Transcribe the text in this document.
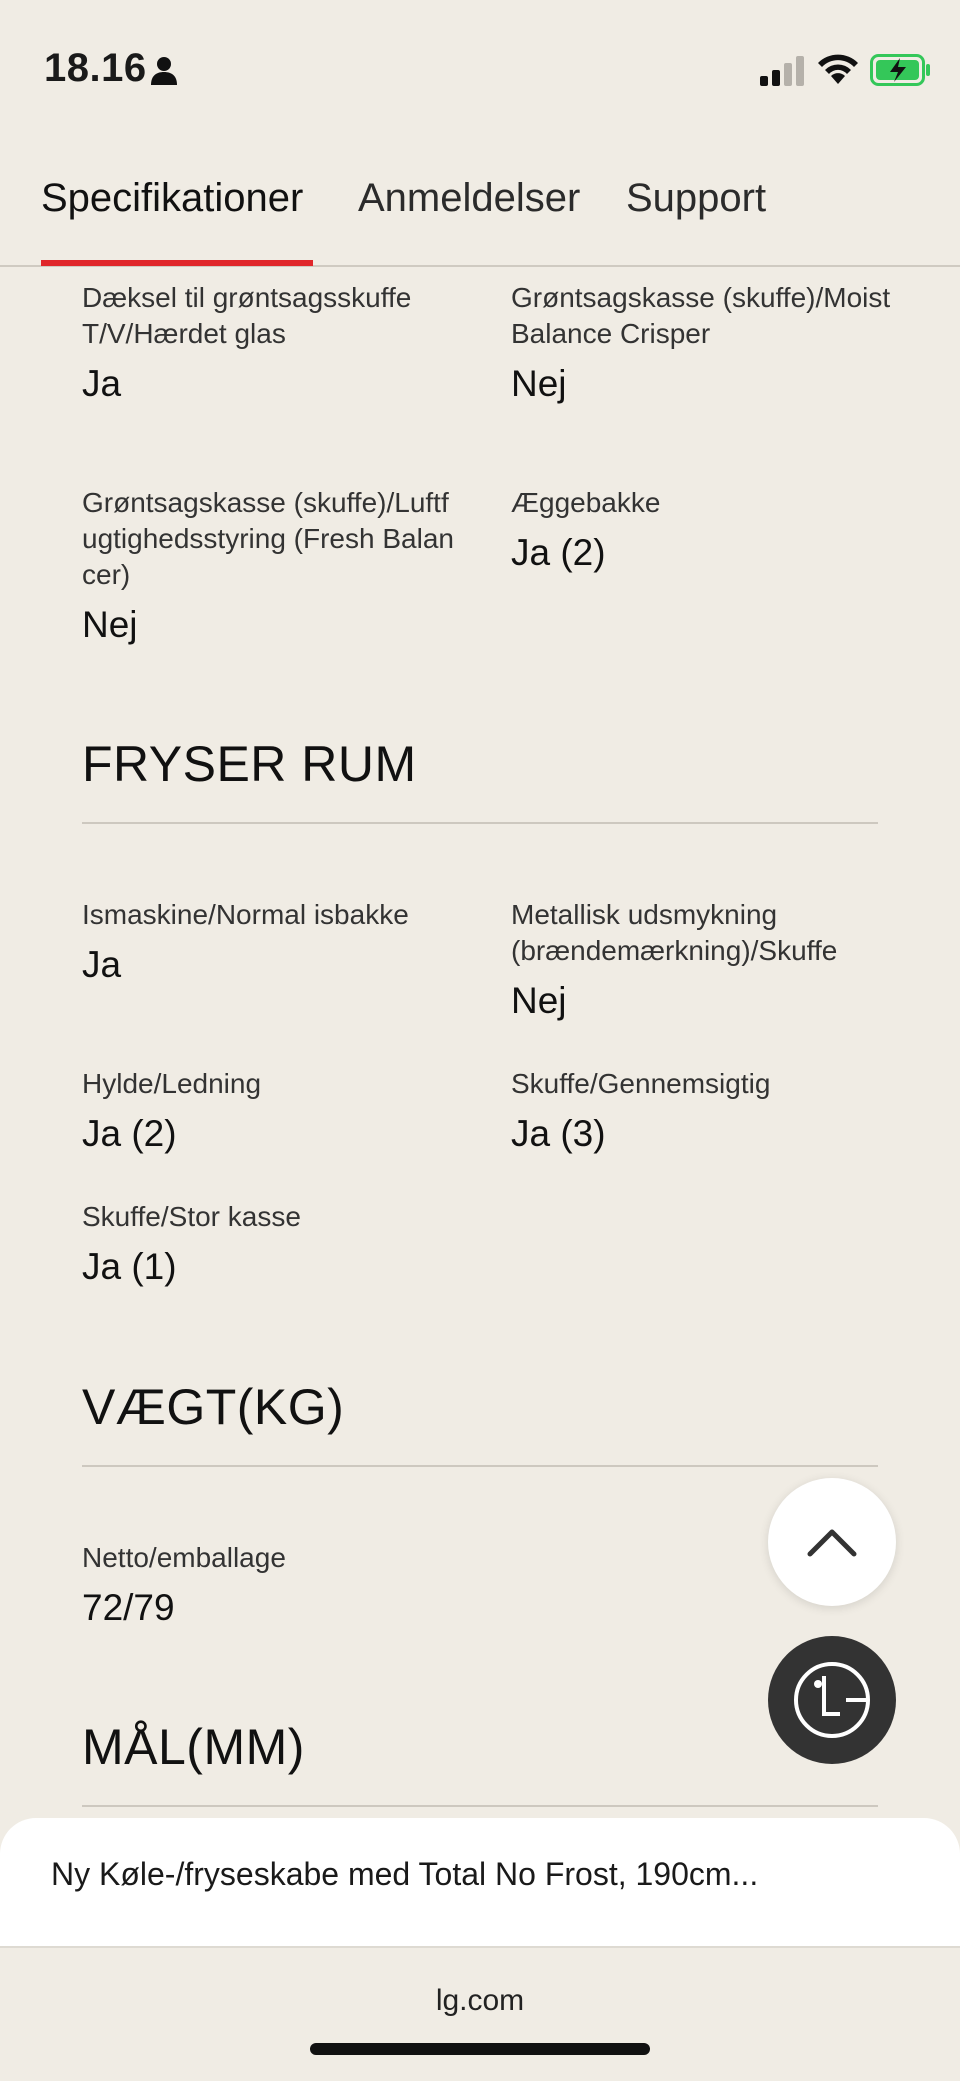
18.16
Specifikationer Anmeldelser Support
Dæksel til grøntsagsskuffe T/V/Hærdet glas
Ja
Grøntsagskasse (skuffe)/Moist Balance Crisper
Nej
Grøntsagskasse (skuffe)/Luftfugtighedsstyring (Fresh Balancer)
Nej
Æggebakke
Ja (2)
FRYSER RUM
Ismaskine/Normal isbakke
Ja
Metallisk udsmykning (brændemærkning)/Skuffe
Nej
Hylde/Ledning
Ja (2)
Skuffe/Gennemsigtig
Ja (3)
Skuffe/Stor kasse
Ja (1)
VÆGT(KG)
Netto/emballage
72/79
MÅL(MM)
Ny Køle-/fryseskabe med Total No Frost, 190cm...
lg.com
